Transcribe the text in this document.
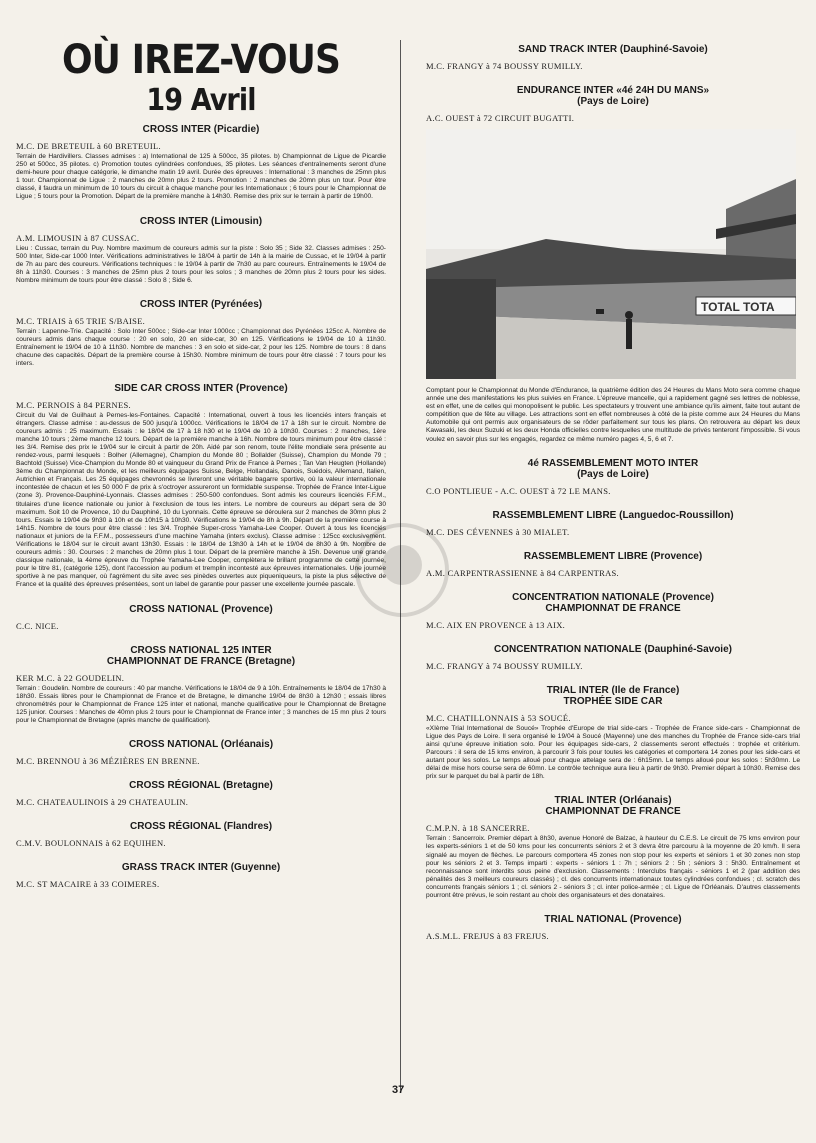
OÙ IREZ-VOUS
19 Avril
CROSS INTER (Picardie)
M.C. DE BRETEUIL à 60 BRETEUIL.

Terrain de Hardivillers. Classes admises : a) International de 125 à 500cc, 35 pilotes. b) Championnat de Ligue de Picardie 250 et 500cc, 35 pilotes. c) Promotion toutes cylindrées confondues, 35 pilotes. Les séances d'entraînements seront d'une demi-heure pour chaque catégorie, le dimanche matin 19 avril. Durée des épreuves : International : 3 manches de 25mn plus 1 tour. Championnat de Ligue : 2 manches de 20mn plus 2 tours. Promotion : 2 manches de 20mn plus un tour. Pour être classé, il faudra un minimum de 10 tours du circuit à chaque manche pour les Internationaux ; 6 tours pour le Championnat de Ligue ; 5 tours pour la Promotion. Départ de la première manche à 14h30. Remise des prix sur le terrain à partir de 19h00.

CROSS INTER (Limousin)
A.M. LIMOUSIN à 87 CUSSAC.

Lieu : Cussac, terrain du Puy. Nombre maximum de coureurs admis sur la piste : Solo 35 ; Side 32. Classes admises : 250-500 Inter, Side-car 1000 Inter. Vérifications administratives le 18/04 à partir de 14h à la mairie de Cussac, et le 19/04 à partir de 7h au parc des coureurs. Vérifications techniques : le 19/04 à partir de 7h30 au parc coureurs. Entraînements le 19/04 de 8h à 11h30. Courses : 3 manches de 25mn plus 2 tours pour les solos ; 3 manches de 20mn plus 2 tours pour les sides. Nombre minimum de tours pour être classé : Solo 8 ; Side 6.

CROSS INTER (Pyrénées)
M.C. TRIAIS à 65 TRIE S/BAISE.

Terrain : Lapenne-Trie. Capacité : Solo Inter 500cc ; Side-car Inter 1000cc ; Championnat des Pyrénées 125cc A. Nombre de coureurs admis dans chaque course : 20 en solo, 20 en side-car, 30 en 125. Vérifications le 19/04 de 10 à 11h30. Entraînement le 19/04 de 10 à 11h30. Nombre de manches : 3 en solo et side-car, 2 pour les 125. Nombre de tours : 8 dans chacune des capacités. Départ de la première course à 15h30. Nombre minimum de tours pour être classé : 7 tours pour les inters.

SIDE CAR CROSS INTER (Provence)
M.C. PERNOIS à 84 PERNES.

Circuit du Val de Guilhaut à Pernes-les-Fontaines. Capacité : International, ouvert à tous les licenciés inters français et étrangers. Classe admise : au-dessus de 500 jusqu'à 1000cc. Vérifications le 18/04 de 17 à 18h sur le circuit. Nombre de coureurs admis : 25 maximum. Essais : le 18/04 de 17 à 18 h30 et le 19/04 de 10 à 10h30. Courses : 2 manches, 1ère manche 10 tours ; 2ème manche 12 tours. Départ de la première manche à 16h. Nombre de tours minimum pour être classé : les 3/4. Remise des prix le 19/04 sur le circuit à partir de 20h. Aidé par son renom, toute l'élite mondiale sera présente au rendez-vous, parmi lesquels : Bolher (Allemagne), Champion du Monde 80 ; Bollalder (Suisse), Champion du Monde 79 ; Bachtold (Suisse) Vice-Champion du Monde 80 et vainqueur du Grand Prix de France à Pernes ; Tan Van Heugten (Hollande) 3ème du Championnat du Monde, et les meilleurs équipages Suisse, Belge, Hollandais, Danois, Suédois, Allemand, Italien, Autrichien et Français. Les 25 équipages chevronnés se livreront une véritable bagarre sportive, où la valeur internationale incontestée de chacun et les 50 000 F de prix à s'octroyer assureront un formidable suspense. Trophée de France Inter-Ligue (zone 3). Provence-Dauphiné-Lyonnais. Classes admises : 250-500 confondues. Sont admis les coureurs licenciés F.F.M., titulaires d'une licence nationale ou junior à l'exclusion de tous les inters. Le nombre de coureurs au départ sera de 30 maximum. Soit 10 de Provence, 10 du Dauphiné, 10 du Lyonnais. Cette épreuve se déroulera sur 2 manches de 30mn plus 2 tours. Essais le 19/04 de 9h30 à 10h et de 10h15 à 10h30. Vérifications le 19/04 de 8h à 9h. Départ de la première course à 14h15. Nombre de tours pour être classé : les 3/4. Trophée Super-cross Yamaha-Lee Cooper. Ouvert à tous les licenciés nationaux et juniors de la F.F.M., possesseurs d'une machine Yamaha (inters exclus). Classe admise : 125cc exclusivement. Vérifications le 18/04 sur le circuit avant 13h30. Essais : le 18/04 de 13h30 à 14h et le 19/04 de 8h30 à 9h. Nombre de coureurs admis : 30. Courses : 2 manches de 20mn plus 1 tour. Départ de la première manche à 15h. Devenue une grande classique nationale, la 4ème épreuve du Trophée Yamaha-Lee Cooper, complètera le brillant programme de cette journée, pour le titre 81, (catégorie 125), dont l'accession au podium et tremplin incontesté aux épreuves internationales. Une journée sportive à ne pas manquer, où l'agrément du site avec ses pinèdes ouvertes aux piqueniqueurs, la piste la plus sélective de France et la qualité des épreuves présentées, sont un label de garantie pour passer une excellente journée pascale.

CROSS NATIONAL (Provence)
C.C. NICE.
CROSS NATIONAL 125 INTER
CHAMPIONNAT DE FRANCE (Bretagne)
KER M.C. à 22 GOUDELIN.

Terrain : Goudelin. Nombre de coureurs : 40 par manche. Vérifications le 18/04 de 9 à 10h. Entraînements le 18/04 de 17h30 à 18h30. Essais libres pour le Championnat de France et de Bretagne, le dimanche 19/04 de 8h30 à 12h30 ; essais libres chronométrés pour le Championnat de France 125 inter et national, manche qualificative pour le Championnat de Bretagne 125 junior. Courses : Manches de 40mn plus 2 tours pour le Championnat de France inter ; 3 manches de 15 mn plus 2 tours pour le Championnat de Bretagne (après manche de qualification).

CROSS NATIONAL (Orléanais)
M.C. BRENNOU à 36 MÉZIÈRES EN BRENNE.
CROSS RÉGIONAL (Bretagne)
M.C. CHATEAULINOIS à 29 CHATEAULIN.
CROSS RÉGIONAL (Flandres)
C.M.V. BOULONNAIS à 62 EQUIHEN.
GRASS TRACK INTER (Guyenne)
M.C. ST MACAIRE à 33 COIMERES.
SAND TRACK INTER (Dauphiné-Savoie)
M.C. FRANGY à 74 BOUSSY RUMILLY.
ENDURANCE INTER «4é 24H DU MANS»
(Pays de Loire)
A.C. OUEST à 72 CIRCUIT BUGATTI.
TOTAL TOTA

Comptant pour le Championnat du Monde d'Endurance, la quatrième édition des 24 Heures du Mans Moto sera comme chaque année une des manifestations les plus suivies en France. L'épreuve mancelle, qui a rapidement gagné ses lettres de noblesse, est en effet, une de celles qui monopolisent le public. Les spectateurs y trouvent une ambiance qu'ils aiment, faite tout autant de compétition que de fête au village. Les attractions sont en effet nombreuses à côté de la piste comme aux 24 Heures du Mans Automobile qui ont permis aux organisateurs de se rôder parfaitement sur tous les plans. On retrouvera au départ les deux Kawasaki, les deux Suzuki et les deux Honda officielles contre lesquelles une multitude de privés tenteront l'impossible. Si vous voulez en savoir plus sur les engagés, regardez ce même numéro pages 4, 5, 6 et 7.

4é RASSEMBLEMENT MOTO INTER
(Pays de Loire)
C.O PONTLIEUE - A.C. OUEST à 72 LE MANS.
RASSEMBLEMENT LIBRE (Languedoc-Roussillon)
M.C. DES CÉVENNES à 30 MIALET.
RASSEMBLEMENT LIBRE (Provence)
A.M. CARPENTRASSIENNE à 84 CARPENTRAS.
CONCENTRATION NATIONALE (Provence)
CHAMPIONNAT DE FRANCE
M.C. AIX EN PROVENCE à 13 AIX.
CONCENTRATION NATIONALE (Dauphiné-Savoie)
M.C. FRANGY à 74 BOUSSY RUMILLY.
TRIAL INTER (Ile de France)
TROPHÉE SIDE CAR
M.C. CHATILLONNAIS à 53 SOUCÉ.

«XIème Trial International de Soucé» Trophée d'Europe de trial side-cars - Trophée de France side-cars - Championnat de Ligue des Pays de Loire. Il sera organisé le 19/04 à Soucé (Mayenne) une des manches du Trophée de France side-cars trial ainsi qu'une épreuve initiation solo. Pour les équipages side-cars, 2 classements seront effectués : trophée et critérium. Parcours : il sera de 15 kms environ, à parcourir 3 fois pour toutes les catégories et comportera 14 zones pour les side-cars et autant pour les solos. Le temps alloué pour chaque attelage sera de : 6h15mn. Le temps alloué pour les solos : 5h30mn. Le délai de mise hors course sera de 60mn. Le contrôle technique aura lieu à partir de 9h30. Premier départ à 10h30. Remise des prix sur le parquet du bal à partir de 18h.

TRIAL INTER (Orléanais)
CHAMPIONNAT DE FRANCE
C.M.P.N. à 18 SANCERRE.

Terrain : Sancerroix. Premier départ à 8h30, avenue Honoré de Balzac, à hauteur du C.E.S. Le circuit de 75 kms environ pour les experts-séniors 1 et de 50 kms pour les concurrents séniors 2 et 3 devra être parcouru à la moyenne de 20 km/h. Il sera signalé au moyen de flèches. Le parcours comportera 45 zones non stop pour les experts et séniors 1 et 30 zones non stop pour les séniors 2 et 3. Temps imparti : experts - séniors 1 : 7h ; séniors 2 : 5h ; séniors 3 : 5h30. Entraînement et reconnaissance sont interdits sous peine d'exclusion. Classements : Interclubs français - séniors 1 et 2 (par addition des pénalités des 3 meilleurs coureurs classés) ; cl. des concurrents internationaux toutes cylindrées confondues ; cl. scratch des concurrents français séniors 1 ; cl. séniors 2 - séniors 3 ; cl. inter police-armée ; cl. Ligue de l'Orléanais. D'autres classements pourront être prévus, le soin restant au choix des organisateurs et des donataires.

TRIAL NATIONAL (Provence)
A.S.M.L. FREJUS à 83 FREJUS.
37
